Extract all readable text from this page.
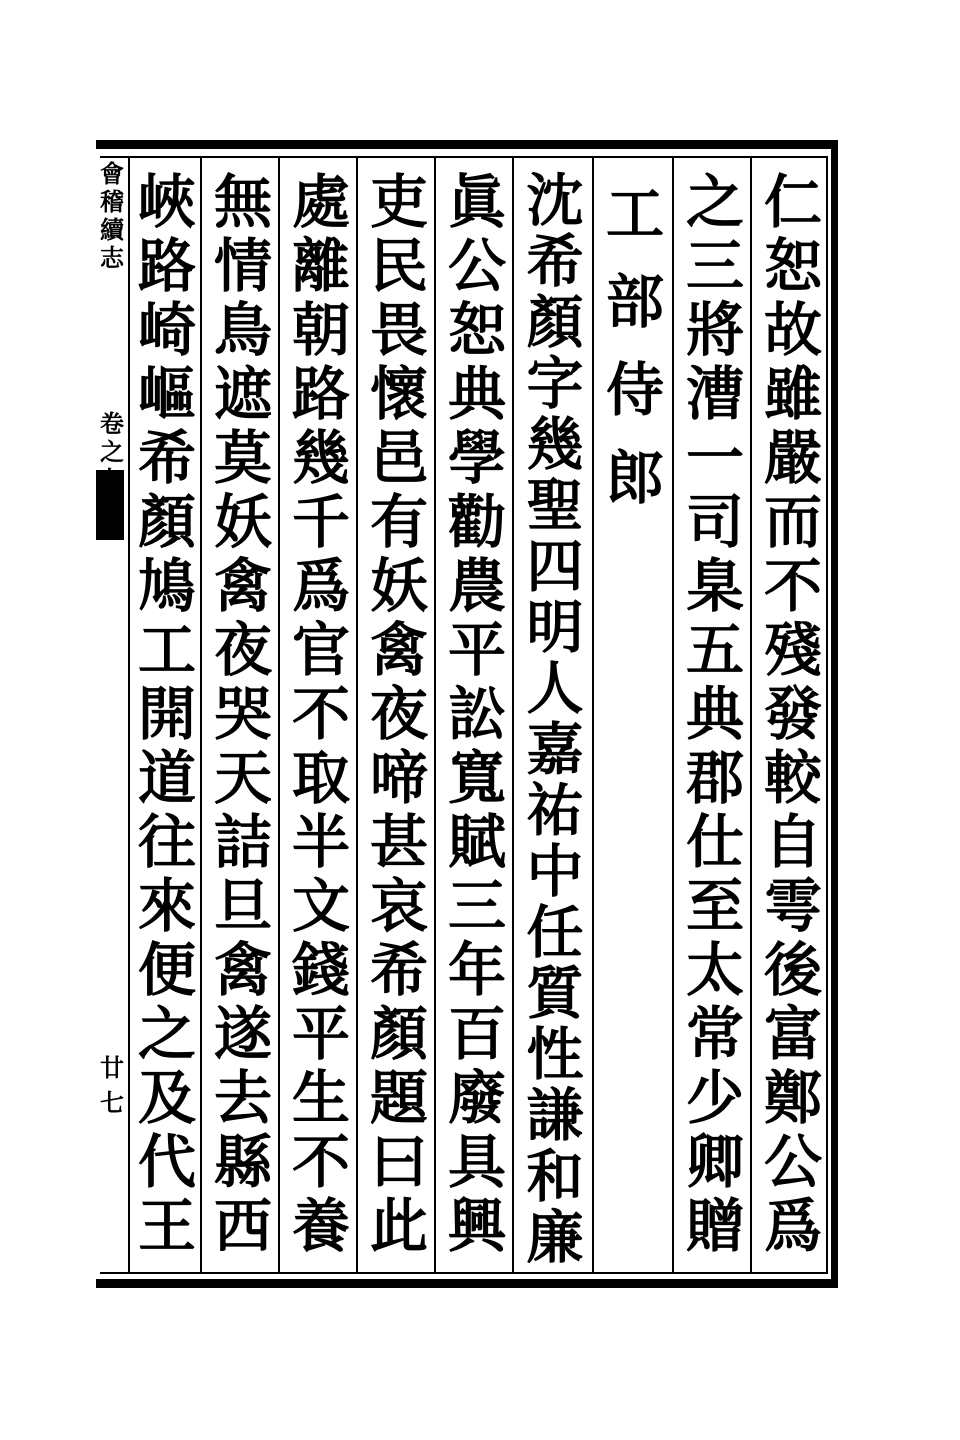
仁
恕
故
雖
嚴
而
不
殘
發
較
自
雩
後
富
鄭
公
爲
之
三
將
漕
一
司
臬
五
典
郡
仕
至
太
常
少
卿
贈
工
部
侍
郎
沈
希
顏
字
幾
聖
四
明
人
嘉
祐
中
任
質
性
謙
和
廉
眞
公
恕
典
學
勸
農
平
訟
寬
賦
三
年
百
廢
具
興
吏
民
畏
懷
邑
有
妖
禽
夜
啼
甚
哀
希
顏
題
曰
此
處
離
朝
路
幾
千
爲
官
不
取
半
文
錢
平
生
不
養
無
情
鳥
遮
莫
妖
禽
夜
哭
天
詰
旦
禽
遂
去
縣
西
峽
路
崎
嶇
希
顏
鳩
工
開
道
往
來
便
之
及
代
王
會
稽
續
志
卷
之
七
廿
七
